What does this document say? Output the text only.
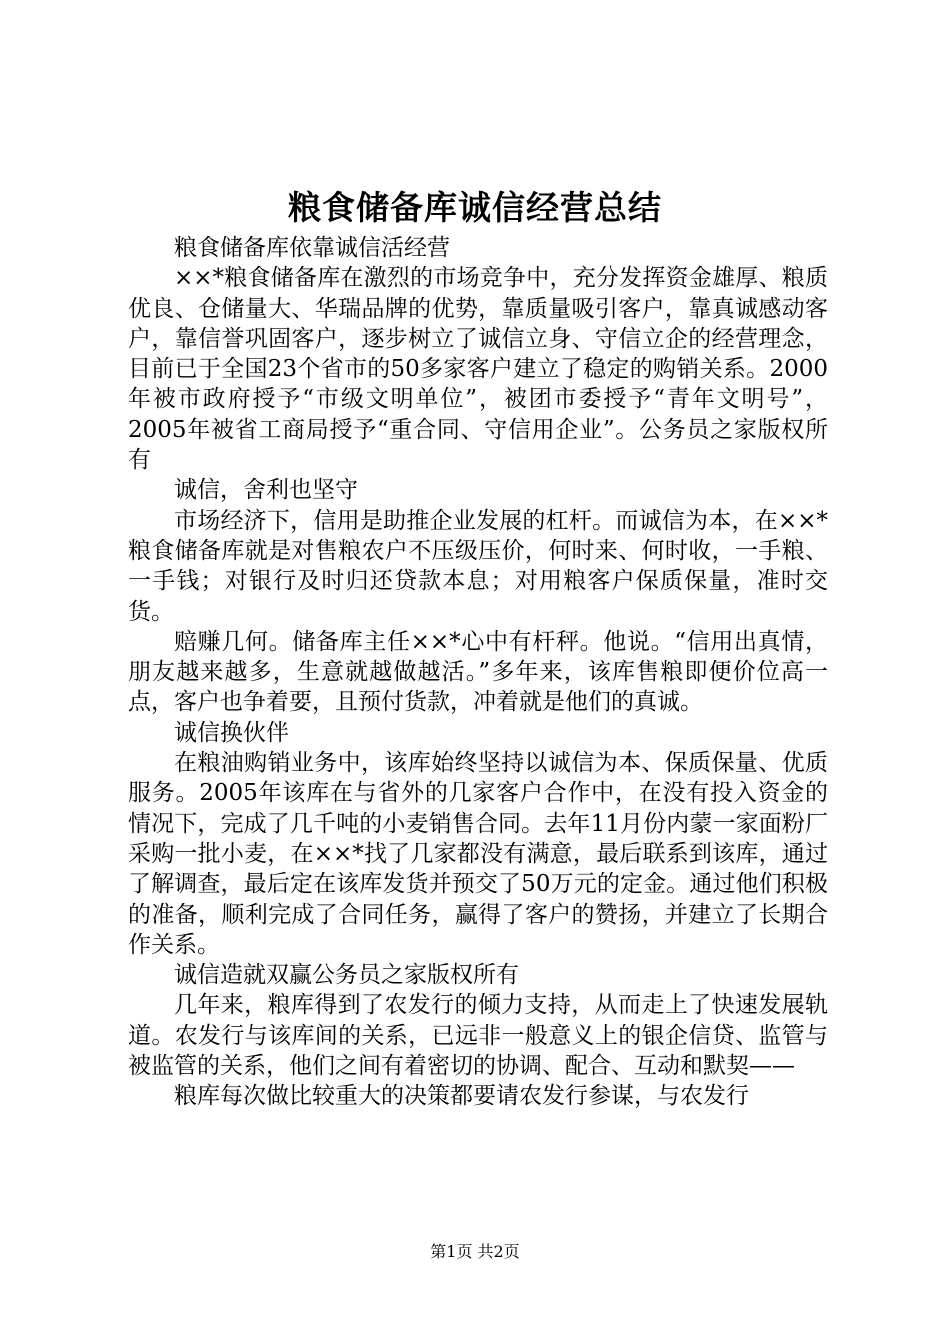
粮食储备库诚信经营总结

粮食储备库依靠诚信活经营

××*粮食储备库在激烈的市场竞争中，充分发挥资金雄厚、粮质优良、仓储量大、华瑞品牌的优势，靠质量吸引客户，靠真诚感动客户，靠信誉巩固客户，逐步树立了诚信立身、守信立企的经营理念，目前已于全国23个省市的50多家客户建立了稳定的购销关系。2000年被市政府授予“市级文明单位”，被团市委授予“青年文明号”，2005年被省工商局授予“重合同、守信用企业”。公务员之家版权所有

诚信，舍利也坚守

市场经济下，信用是助推企业发展的杠杆。而诚信为本，在××*粮食储备库就是对售粮农户不压级压价，何时来、何时收，一手粮、一手钱；对银行及时归还贷款本息；对用粮客户保质保量，准时交货。

赔赚几何。储备库主任××*心中有杆秤。他说。“信用出真情，朋友越来越多，生意就越做越活。”多年来，该库售粮即便价位高一点，客户也争着要，且预付货款，冲着就是他们的真诚。

诚信换伙伴

在粮油购销业务中，该库始终坚持以诚信为本、保质保量、优质服务。2005年该库在与省外的几家客户合作中，在没有投入资金的情况下，完成了几千吨的小麦销售合同。去年11月份内蒙一家面粉厂采购一批小麦，在××*找了几家都没有满意，最后联系到该库，通过了解调查，最后定在该库发货并预交了50万元的定金。通过他们积极的准备，顺利完成了合同任务，赢得了客户的赞扬，并建立了长期合作关系。

诚信造就双赢公务员之家版权所有

几年来，粮库得到了农发行的倾力支持，从而走上了快速发展轨道。农发行与该库间的关系，已远非一般意义上的银企信贷、监管与被监管的关系，他们之间有着密切的协调、配合、互动和默契——

粮库每次做比较重大的决策都要请农发行参谋，与农发行

第1页 共2页
